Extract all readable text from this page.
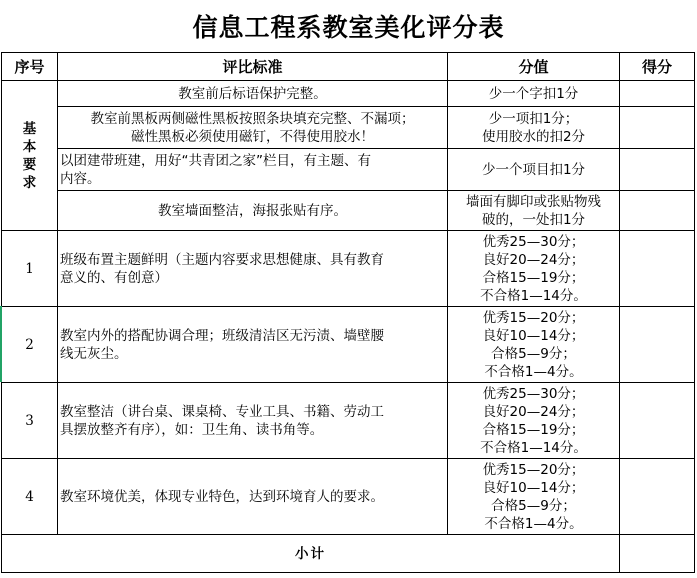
信息工程系教室美化评分表
序号	评比标准	分值	得分

基
本
要
求	教室前后标语保护完整。	少一个字扣1分	

	教室前黑板两侧磁性黑板按照条块填充完整、不漏项；
磁性黑板必须使用磁钉，不得使用胶水！	少一项扣1分；
使用胶水的扣2分	

	以团建带班建，用好“共青团之家”栏目，有主题、有
内容。	少一个项目扣1分	

	教室墙面整洁，海报张贴有序。	墙面有脚印或张贴物残
破的，一处扣1分	

1	班级布置主题鲜明（主题内容要求思想健康、具有教育
意义的、有创意）	优秀25—30分；
良好20—24分；
合格15—19分；
不合格1—14分。	

2	教室内外的搭配协调合理；班级清洁区无污渍、墙壁腰
线无灰尘。	优秀15—20分；
良好10—14分；
合格5—9分；
不合格1—4分。	

3	教室整洁（讲台桌、课桌椅、专业工具、书籍、劳动工
具摆放整齐有序），如：卫生角、读书角等。	优秀25—30分；
良好20—24分；
合格15—19分；
不合格1—14分。	

4	教室环境优美，体现专业特色，达到环境育人的要求。	优秀15—20分；
良好10—14分；
合格5—9分；
不合格1—4分。	

小计			
